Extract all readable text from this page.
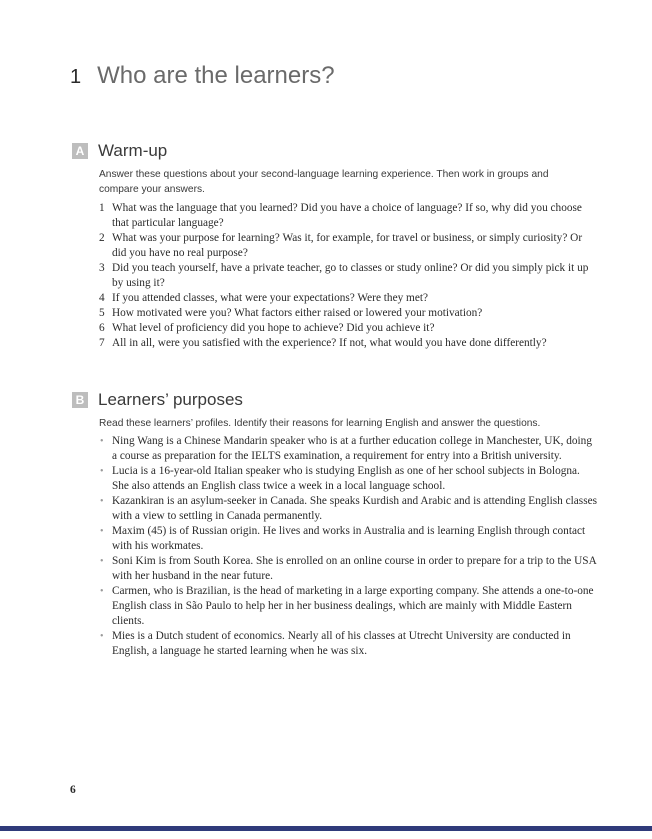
1 Who are the learners?
A Warm-up
Answer these questions about your second-language learning experience. Then work in groups and compare your answers.
1 What was the language that you learned? Did you have a choice of language? If so, why did you choose that particular language?
2 What was your purpose for learning? Was it, for example, for travel or business, or simply curiosity? Or did you have no real purpose?
3 Did you teach yourself, have a private teacher, go to classes or study online? Or did you simply pick it up by using it?
4 If you attended classes, what were your expectations? Were they met?
5 How motivated were you? What factors either raised or lowered your motivation?
6 What level of proficiency did you hope to achieve? Did you achieve it?
7 All in all, were you satisfied with the experience? If not, what would you have done differently?
B Learners’ purposes
Read these learners’ profiles. Identify their reasons for learning English and answer the questions.
• Ning Wang is a Chinese Mandarin speaker who is at a further education college in Manchester, UK, doing a course as preparation for the IELTS examination, a requirement for entry into a British university.
• Lucia is a 16-year-old Italian speaker who is studying English as one of her school subjects in Bologna. She also attends an English class twice a week in a local language school.
• Kazankiran is an asylum-seeker in Canada. She speaks Kurdish and Arabic and is attending English classes with a view to settling in Canada permanently.
• Maxim (45) is of Russian origin. He lives and works in Australia and is learning English through contact with his workmates.
• Soni Kim is from South Korea. She is enrolled on an online course in order to prepare for a trip to the USA with her husband in the near future.
• Carmen, who is Brazilian, is the head of marketing in a large exporting company. She attends a one-to-one English class in São Paulo to help her in her business dealings, which are mainly with Middle Eastern clients.
• Mies is a Dutch student of economics. Nearly all of his classes at Utrecht University are conducted in English, a language he started learning when he was six.
6
